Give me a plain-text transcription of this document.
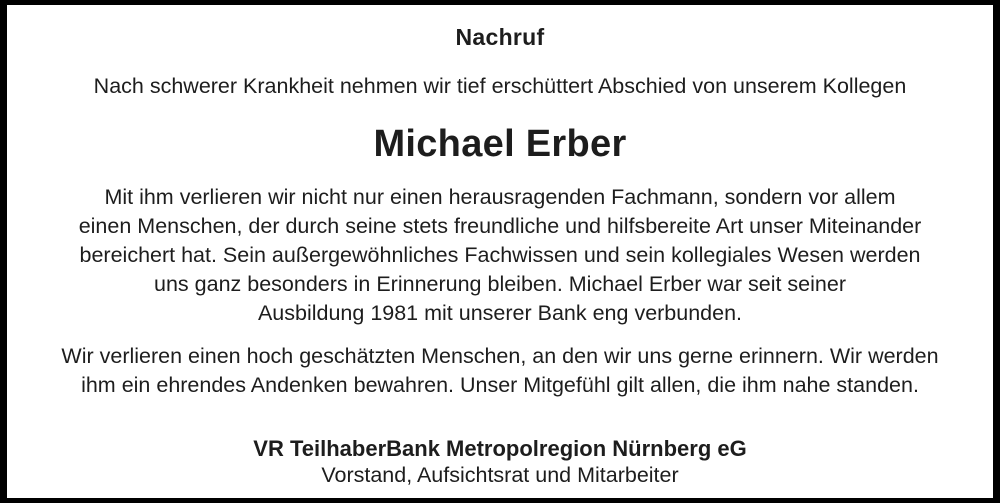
Nachruf
Nach schwerer Krankheit nehmen wir tief erschüttert Abschied von unserem Kollegen
Michael Erber
Mit ihm verlieren wir nicht nur einen herausragenden Fachmann, sondern vor allem
einen Menschen, der durch seine stets freundliche und hilfsbereite Art unser Miteinander
bereichert hat. Sein außergewöhnliches Fachwissen und sein kollegiales Wesen werden
uns ganz besonders in Erinnerung bleiben. Michael Erber war seit seiner
Ausbildung 1981 mit unserer Bank eng verbunden.
Wir verlieren einen hoch geschätzten Menschen, an den wir uns gerne erinnern. Wir werden
ihm ein ehrendes Andenken bewahren. Unser Mitgefühl gilt allen, die ihm nahe standen.
VR TeilhaberBank Metropolregion Nürnberg eG
Vorstand, Aufsichtsrat und Mitarbeiter
